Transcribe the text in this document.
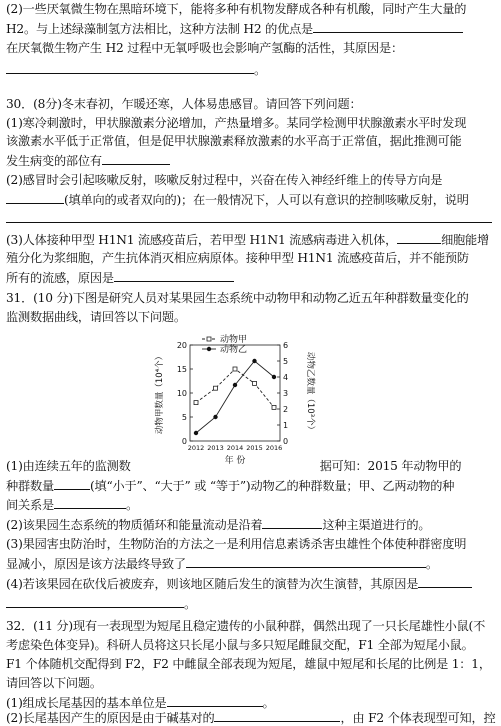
(2)一些厌氧微生物在黑暗环境下，能将多种有机物发酵成各种有机酸，同时产生大量的
H2。与上述绿藻制氢方法相比，这种方法制 H2 的优点是
在厌氧微生物产生 H2 过程中无氧呼吸也会影响产氢酶的活性，其原因是：
。
30．(8分)冬末春初，乍暖还寒，人体易患感冒。请回答下列问题：
(1)寒冷刺激时，甲状腺激素分泌增加，产热量增多。某同学检测甲状腺激素水平时发现
该激素水平低于正常值，但是促甲状腺激素释放激素的水平高于正常值，据此推测可能
发生病变的部位有
(2)感冒时会引起咳嗽反射，咳嗽反射过程中，兴奋在传入神经纤维上的传导方向是
(填单向的或者双向的)；在一般情况下，人可以有意识的控制咳嗽反射，说明
(3)人体接种甲型 H1N1 流感疫苗后，若甲型 H1N1 流感病毒进入机体，	细胞能增
殖分化为浆细胞，产生抗体消灭相应病原体。接种甲型 H1N1 流感疫苗后，并不能预防
所有的流感，原因是
31．(10 分)下图是研究人员对某果园生态系统中动物甲和动物乙近五年种群数量变化的
监测数据曲线，请回答以下问题。
0
5
10
15
20
0
1
2
3
4
5
6
2012 2013 2014 2015 2016
年 份
动物甲数量（10⁴个）	动物乙数量（10³个）
动物甲
动物乙
(1)由连续五年的监测数	据可知：2015 年动物甲的
种群数量	(填“小于”、“大于” 或 “等于”)动物乙的种群数量；甲、乙两动物的种
间关系是	。
(2)该果园生态系统的物质循环和能量流动是沿着	这种主渠道进行的。
(3)果园害虫防治时，生物防治的方法之一是利用信息素诱杀害虫雄性个体使种群密度明
显减小，原因是该方法最终导致了	。
(4)若该果园在砍伐后被废弃，则该地区随后发生的演替为次生演替，其原因是
。
32．(11 分)现有一表现型为短尾且稳定遗传的小鼠种群，偶然出现了一只长尾雄性小鼠(不
考虑染色体变异)。科研人员将这只长尾小鼠与多只短尾雌鼠交配，F1 全部为短尾小鼠。
F1 个体随机交配得到 F2，F2 中雌鼠全部表现为短尾，雄鼠中短尾和长尾的比例是 1：1，
请回答以下问题。
(1)组成长尾基因的基本单位是	。
(2)长尾基因产生的原因是由于碱基对的	，由 F2 个体表现型可知，控
